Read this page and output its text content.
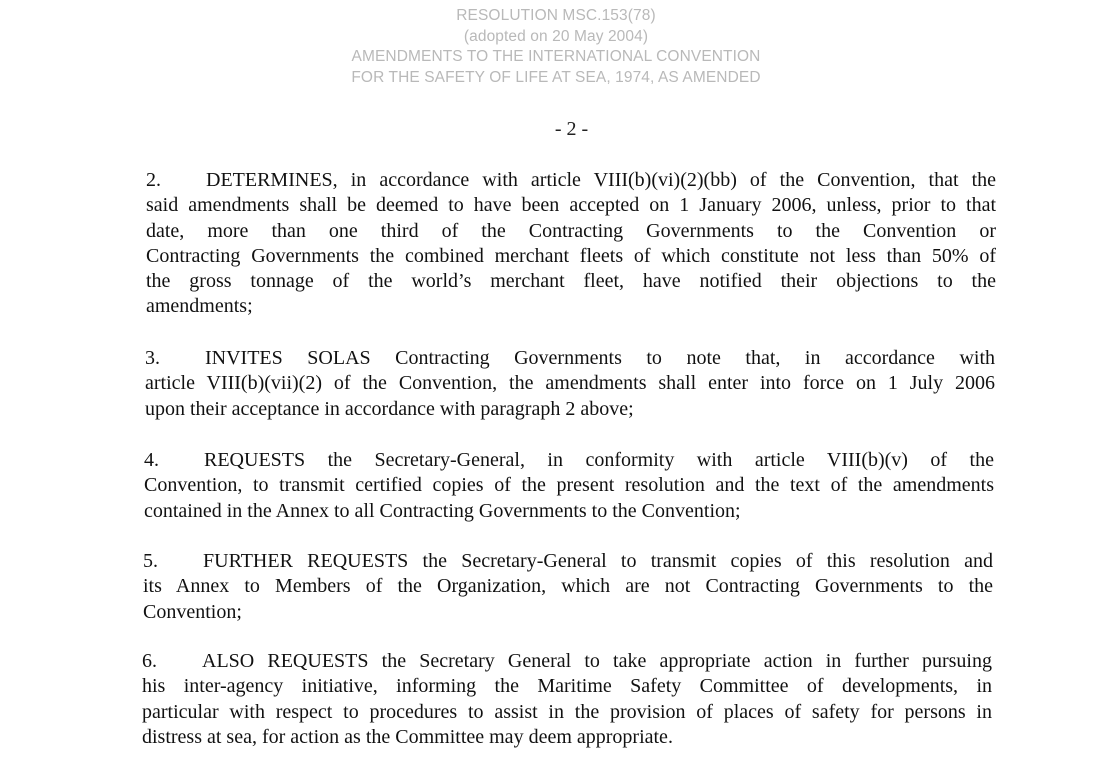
RESOLUTION MSC.153(78)
(adopted on 20 May 2004)
AMENDMENTS TO THE INTERNATIONAL CONVENTION
FOR THE SAFETY OF LIFE AT SEA, 1974, AS AMENDED
- 2 -
2. DETERMINES, in accordance with article VIII(b)(vi)(2)(bb) of the Convention, that the
said amendments shall be deemed to have been accepted on 1 January 2006, unless, prior to that
date, more than one third of the Contracting Governments to the Convention or
Contracting Governments the combined merchant fleets of which constitute not less than 50% of
the gross tonnage of the world’s merchant fleet, have notified their objections to the
amendments;
3. INVITES SOLAS Contracting Governments to note that, in accordance with
article VIII(b)(vii)(2) of the Convention, the amendments shall enter into force on 1 July 2006
upon their acceptance in accordance with paragraph 2 above;
4. REQUESTS the Secretary-General, in conformity with article VIII(b)(v) of the
Convention, to transmit certified copies of the present resolution and the text of the amendments
contained in the Annex to all Contracting Governments to the Convention;
5. FURTHER REQUESTS the Secretary-General to transmit copies of this resolution and
its Annex to Members of the Organization, which are not Contracting Governments to the
Convention;
6. ALSO REQUESTS the Secretary General to take appropriate action in further pursuing
his inter-agency initiative, informing the Maritime Safety Committee of developments, in
particular with respect to procedures to assist in the provision of places of safety for persons in
distress at sea, for action as the Committee may deem appropriate.
